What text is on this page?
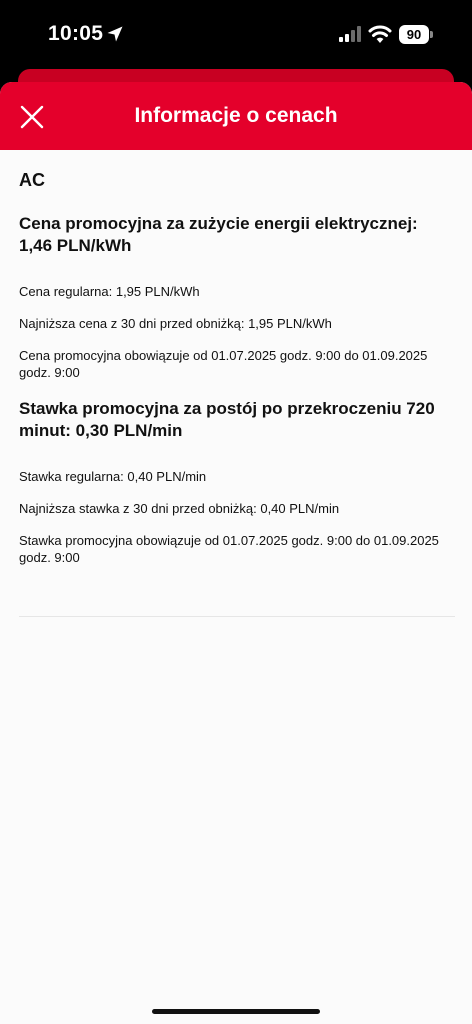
10:05	90
Informacje o cenach

AC

Cena promocyjna za zużycie energii elektrycznej: 1,46 PLN/kWh

Cena regularna: 1,95 PLN/kWh

Najniższa cena z 30 dni przed obniżką: 1,95 PLN/kWh

Cena promocyjna obowiązuje od 01.07.2025 godz. 9:00 do 01.09.2025 godz. 9:00

Stawka promocyjna za postój po przekroczeniu 720 minut: 0,30 PLN/min

Stawka regularna: 0,40 PLN/min

Najniższa stawka z 30 dni przed obniżką: 0,40 PLN/min

Stawka promocyjna obowiązuje od 01.07.2025 godz. 9:00 do 01.09.2025 godz. 9:00
